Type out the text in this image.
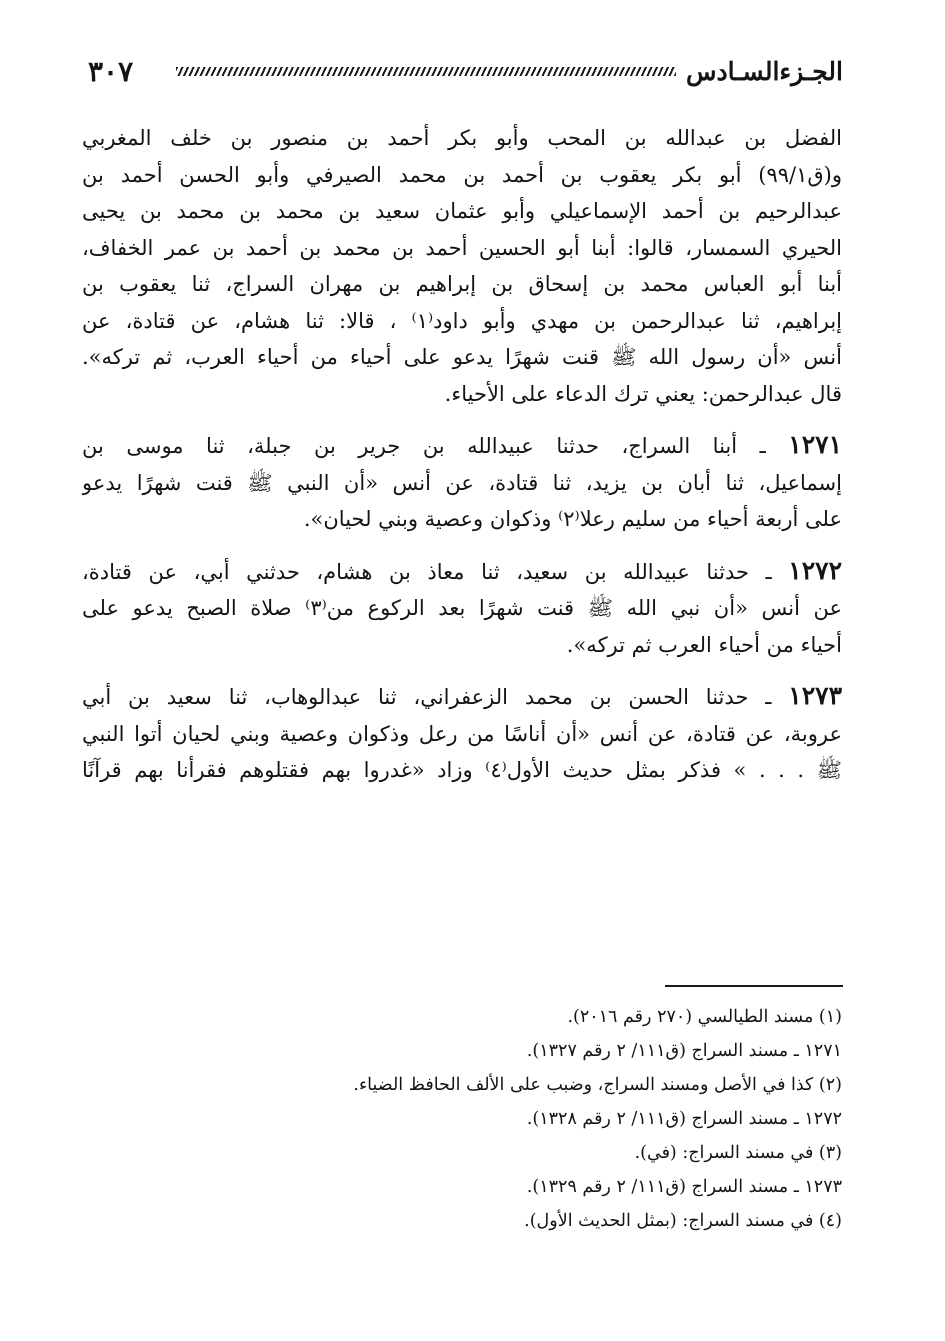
٣٠٧	الجـزءالسـادس
الفضل بن عبدالله بن المحب وأبو بكر أحمد بن منصور بن خلف المغربي
و(ق٩٩/١) أبو بكر يعقوب بن أحمد بن محمد الصيرفي وأبو الحسن أحمد بن
عبدالرحيم بن أحمد الإسماعيلي وأبو عثمان سعيد بن محمد بن محمد بن يحيى
الحيري السمسار، قالوا: أبنا أبو الحسين أحمد بن محمد بن أحمد بن عمر الخفاف،
أبنا أبو العباس محمد بن إسحاق بن إبراهيم بن مهران السراج، ثنا يعقوب بن
إبراهيم، ثنا عبدالرحمن بن مهدي وأبو داود⁽١⁾ ، قالا: ثنا هشام، عن قتادة، عن
أنس «أن رسول الله ﷺ قنت شهرًا يدعو على أحياء من أحياء العرب، ثم تركه».
قال عبدالرحمن: يعني ترك الدعاء على الأحياء.
١٢٧١ ـ أبنا السراج، حدثنا عبيدالله بن جرير بن جبلة، ثنا موسى بن
إسماعيل، ثنا أبان بن يزيد، ثنا قتادة، عن أنس «أن النبي ﷺ قنت شهرًا يدعو
على أربعة أحياء من سليم رعلا⁽٢⁾ وذكوان وعصية وبني لحيان».
١٢٧٢ ـ حدثنا عبيدالله بن سعيد، ثنا معاذ بن هشام، حدثني أبي، عن قتادة،
عن أنس «أن نبي الله ﷺ قنت شهرًا بعد الركوع من⁽٣⁾ صلاة الصبح يدعو على
أحياء من أحياء العرب ثم تركه».
١٢٧٣ ـ حدثنا الحسن بن محمد الزعفراني، ثنا عبدالوهاب، ثنا سعيد بن أبي
عروبة، عن قتادة، عن أنس «أن أناسًا من رعل وذكوان وعصية وبني لحيان أتوا النبي
ﷺ . . . » فذكر بمثل حديث الأول⁽٤⁾ وزاد «غدروا بهم فقتلوهم فقرأنا بهم قرآنًا
(١) مسند الطيالسي (٢٧٠ رقم ٢٠١٦).
١٢٧١ ـ مسند السراج (ق١١١/ ٢ رقم ١٣٢٧).
(٢) كذا في الأصل ومسند السراج، وضبب على الألف الحافظ الضياء.
١٢٧٢ ـ مسند السراج (ق١١١/ ٢ رقم ١٣٢٨).
(٣) في مسند السراج: (في).
١٢٧٣ ـ مسند السراج (ق١١١/ ٢ رقم ١٣٢٩).
(٤) في مسند السراج: (بمثل الحديث الأول).
